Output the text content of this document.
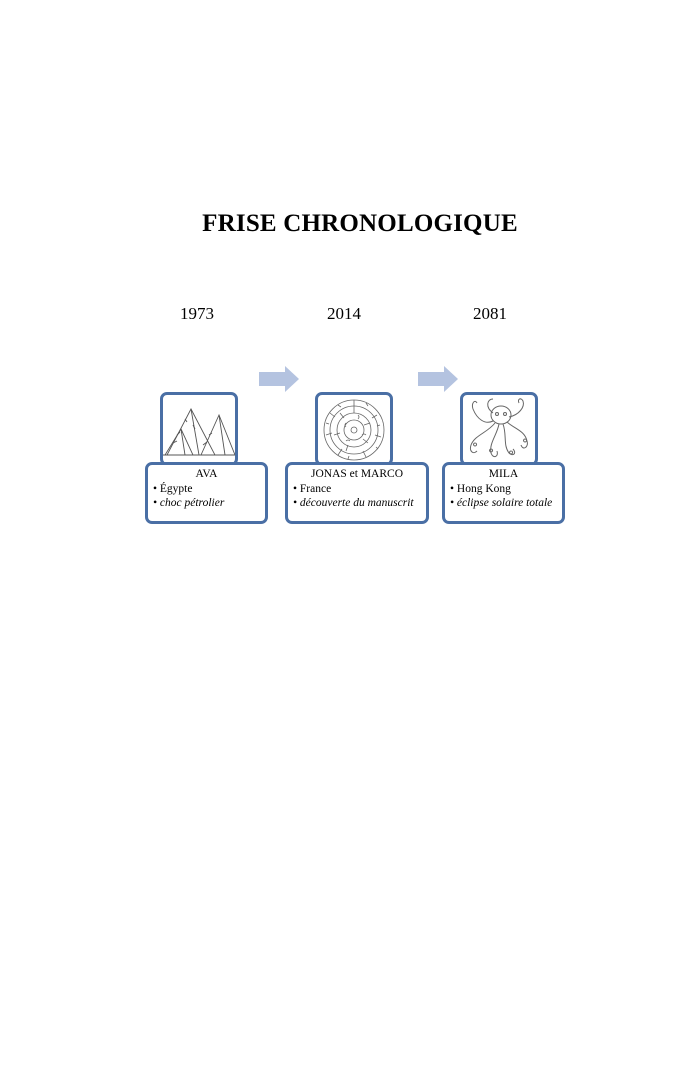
FRISE CHRONOLOGIQUE
1973	2014	2081
AVA
• Égypte
• choc pétrolier
JONAS et MARCO
• France
• découverte du manuscrit
MILA
• Hong Kong
• éclipse solaire totale
